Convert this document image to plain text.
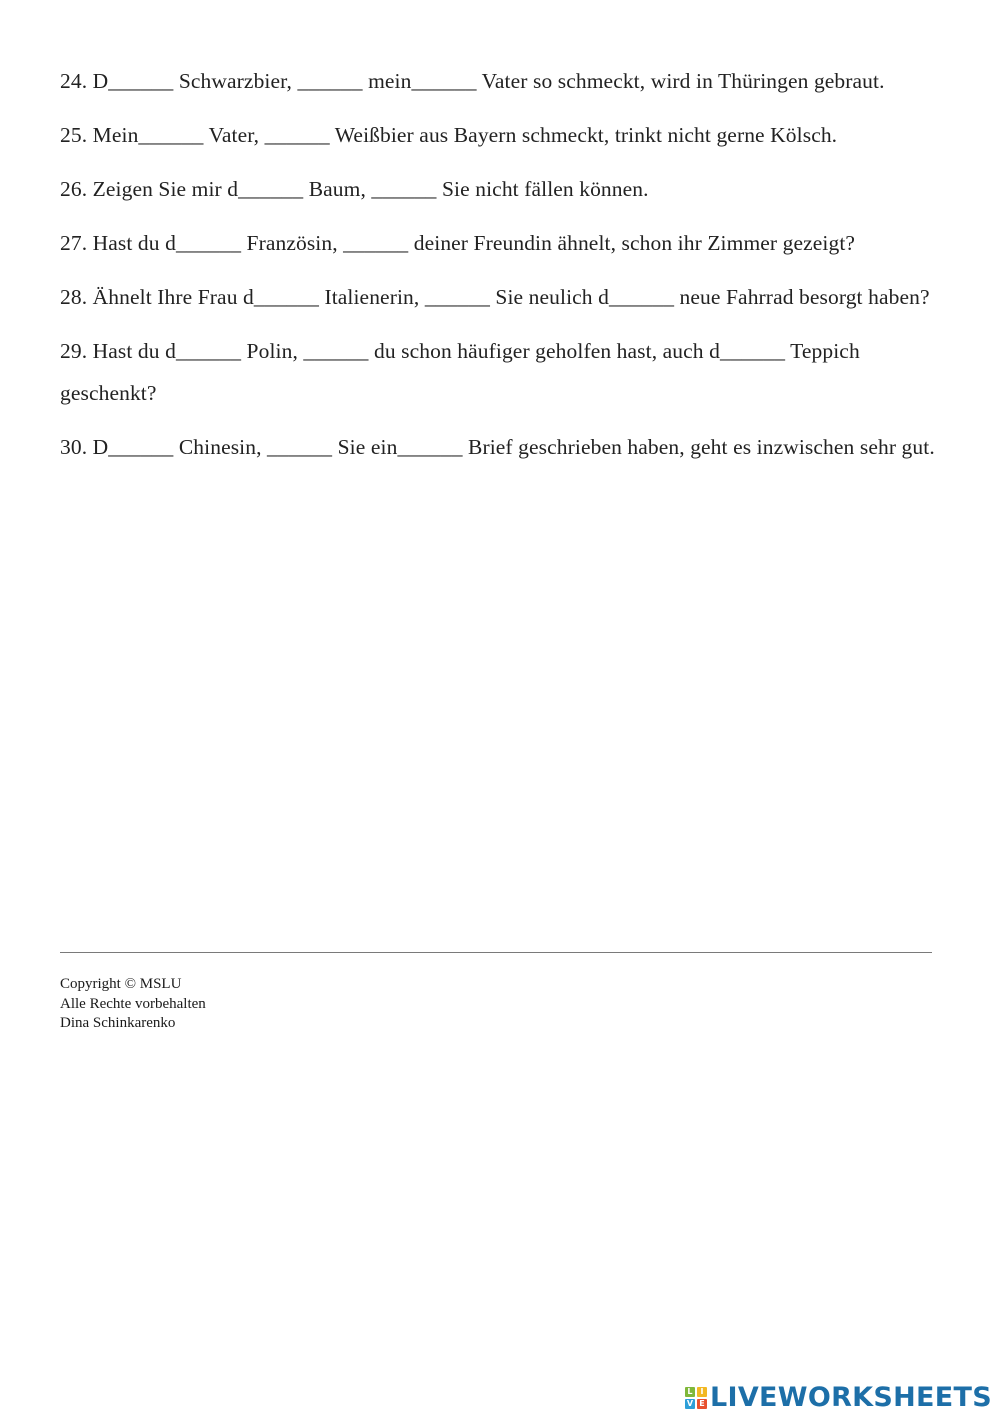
24. D______ Schwarzbier, ______ mein______ Vater so schmeckt, wird in Thüringen gebraut.

25. Mein______ Vater, ______ Weißbier aus Bayern schmeckt, trinkt nicht gerne Kölsch.

26. Zeigen Sie mir d______ Baum, ______ Sie nicht fällen können.

27. Hast du d______ Französin, ______ deiner Freundin ähnelt, schon ihr Zimmer gezeigt?

28. Ähnelt Ihre Frau d______ Italienerin, ______ Sie neulich d______ neue Fahrrad besorgt haben?

29. Hast du d______ Polin, ______ du schon häufiger geholfen hast, auch d______ Teppich geschenkt?

30. D______ Chinesin, ______ Sie ein______ Brief geschrieben haben, geht es inzwischen sehr gut.

Copyright © MSLU
Alle Rechte vorbehalten
Dina Schinkarenko
L I
V E LIVEWORKSHEETS
